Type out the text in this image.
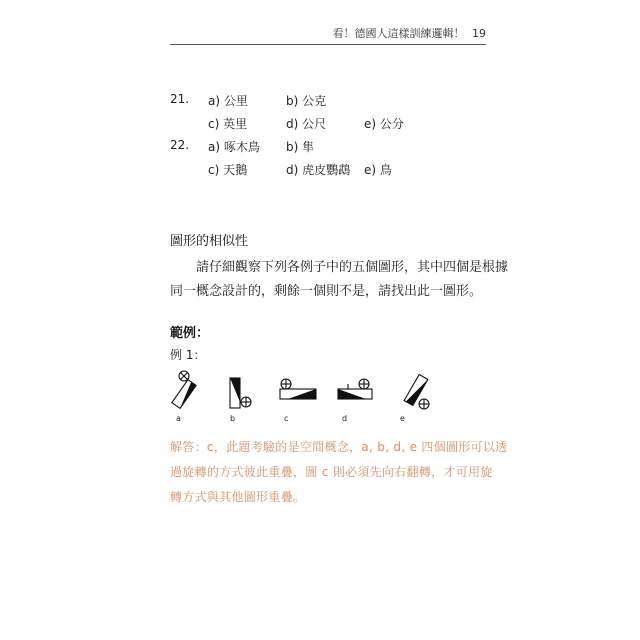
看！德國人這樣訓練邏輯！ 19
21. a) 公里	b) 公克
c) 英里	d) 公尺	e) 公分
22. a) 啄木鳥 b) 隼
c) 天鵝	d) 虎皮鸚鵡 e) 鳥
圖形的相似性
請仔細觀察下列各例子中的五個圖形，其中四個是根據
同一概念設計的，剩餘一個則不是，請找出此一圖形。
範例：
例 1：
a	b	c	d	e
解答：c，此題考驗的是空間概念，a, b, d, e 四個圖形可以透
過旋轉的方式彼此重疊，圖 c 則必須先向右翻轉，才可用旋
轉方式與其他圖形重疊。
